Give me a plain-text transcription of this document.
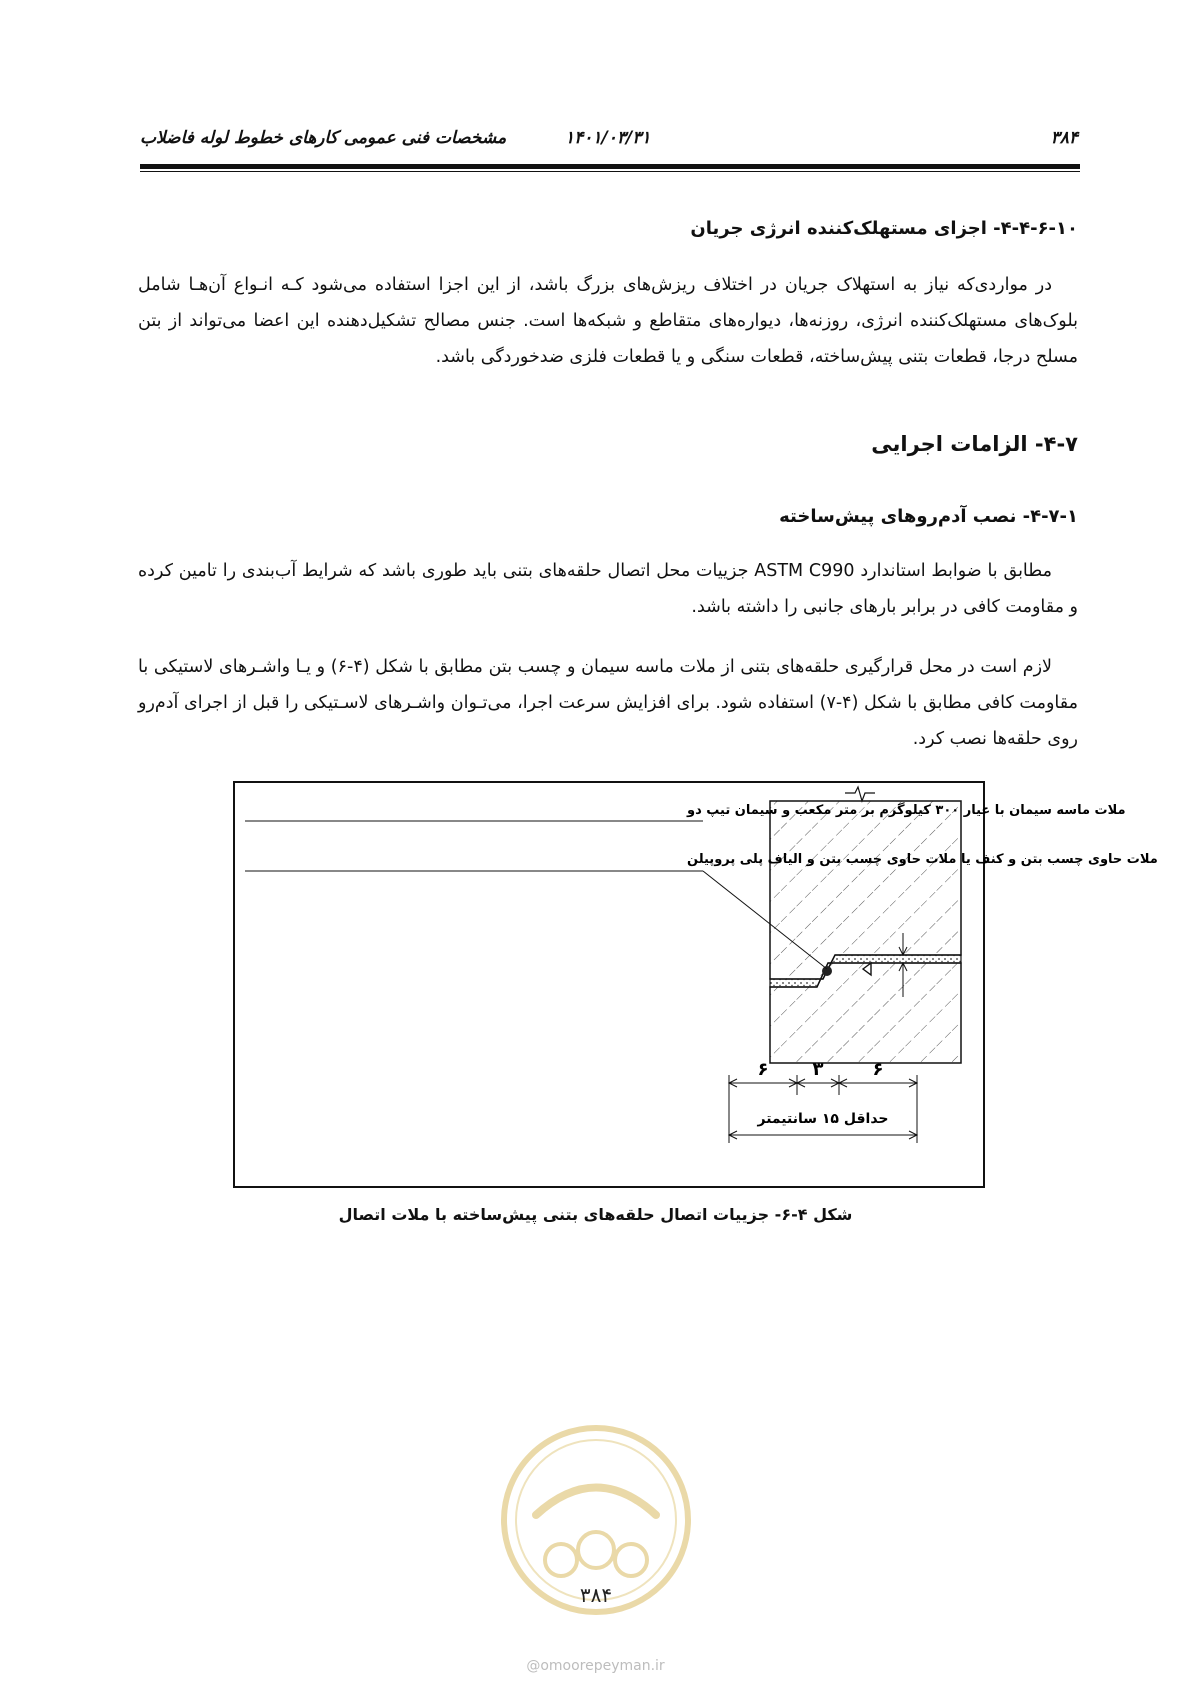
۳۸۴
۱۴۰۱/۰۳/۳۱
مشخصات فنی عمومی کارهای خطوط لوله فاضلاب
۴-۴-۶-۱۰- اجزای مستهلک‌کننده انرژی جریان
در مواردی‌که نیاز به استهلاک جریان در اختلاف ریزش‌های بزرگ باشد، از این اجزا استفاده می‌شود کـه انـواع آن‌هـا شامل بلوک‌های مستهلک‌کننده انرژی، روزنه‌ها، دیواره‌های متقاطع و شبکه‌ها است. جنس مصالح تشکیل‌دهنده این اعضا می‌تواند از بتن مسلح درجا، قطعات بتنی پیش‌ساخته، قطعات سنگی و یا قطعات فلزی ضدخوردگی باشد.
۴-۷- الزامات اجرایی
۴-۷-۱- نصب آدم‌روهای پیش‌ساخته
مطابق با ضوابط استاندارد ASTM C990 جزییات محل اتصال حلقه‌های بتنی باید طوری باشد که شرایط آب‌بندی را تامین کرده و مقاومت کافی در برابر بارهای جانبی را داشته باشد.
لازم است در محل قرارگیری حلقه‌های بتنی از ملات ماسه سیمان و چسب بتن مطابق با شکل (۴-۶) و یـا واشـرهای لاستیکی با مقاومت کافی مطابق با شکل (۴-۷) استفاده شود. برای افزایش سرعت اجرا، می‌تـوان واشـرهای لاسـتیکی را قبل از اجرای آدم‌رو روی حلقه‌ها نصب کرد.
ملات ماسه سیمان با عیار ۳۰۰ کیلوگرم بر متر مکعب و سیمان تیپ دو
ملات حاوی چسب بتن و کنف یا ملات حاوی چسب بتن و الیاف پلی پروپیلن
۶ ۳	۶
حداقل ۱۵ سانتیمتر
شکل ۴-۶- جزییات اتصال حلقه‌های بتنی پیش‌ساخته با ملات اتصال
۳۸۴
@omoorepeyman.ir
